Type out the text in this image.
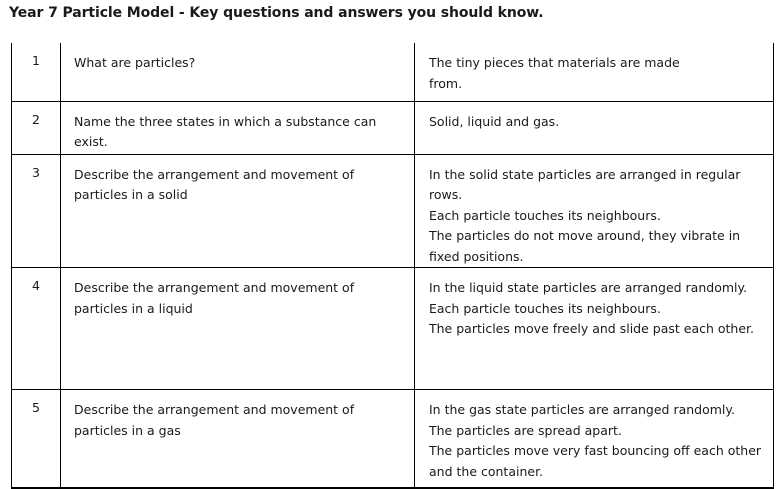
Year 7 Particle Model - Key questions and answers you should know.
1	What are particles?	The tiny pieces that materials are made
from.

2	Name the three states in which a substance can exist.	Solid, liquid and gas.

3	Describe the arrangement and movement of particles in a solid	In the solid state particles are arranged in regular rows.
Each particle touches its neighbours.
The particles do not move around, they vibrate in fixed positions.

4	Describe the arrangement and movement of particles in a liquid	In the liquid state particles are arranged randomly.
Each particle touches its neighbours.
The particles move freely and slide past each other.

5	Describe the arrangement and movement of particles in a gas	In the gas state particles are arranged randomly.
The particles are spread apart.
The particles move very fast bouncing off each other and the container.
